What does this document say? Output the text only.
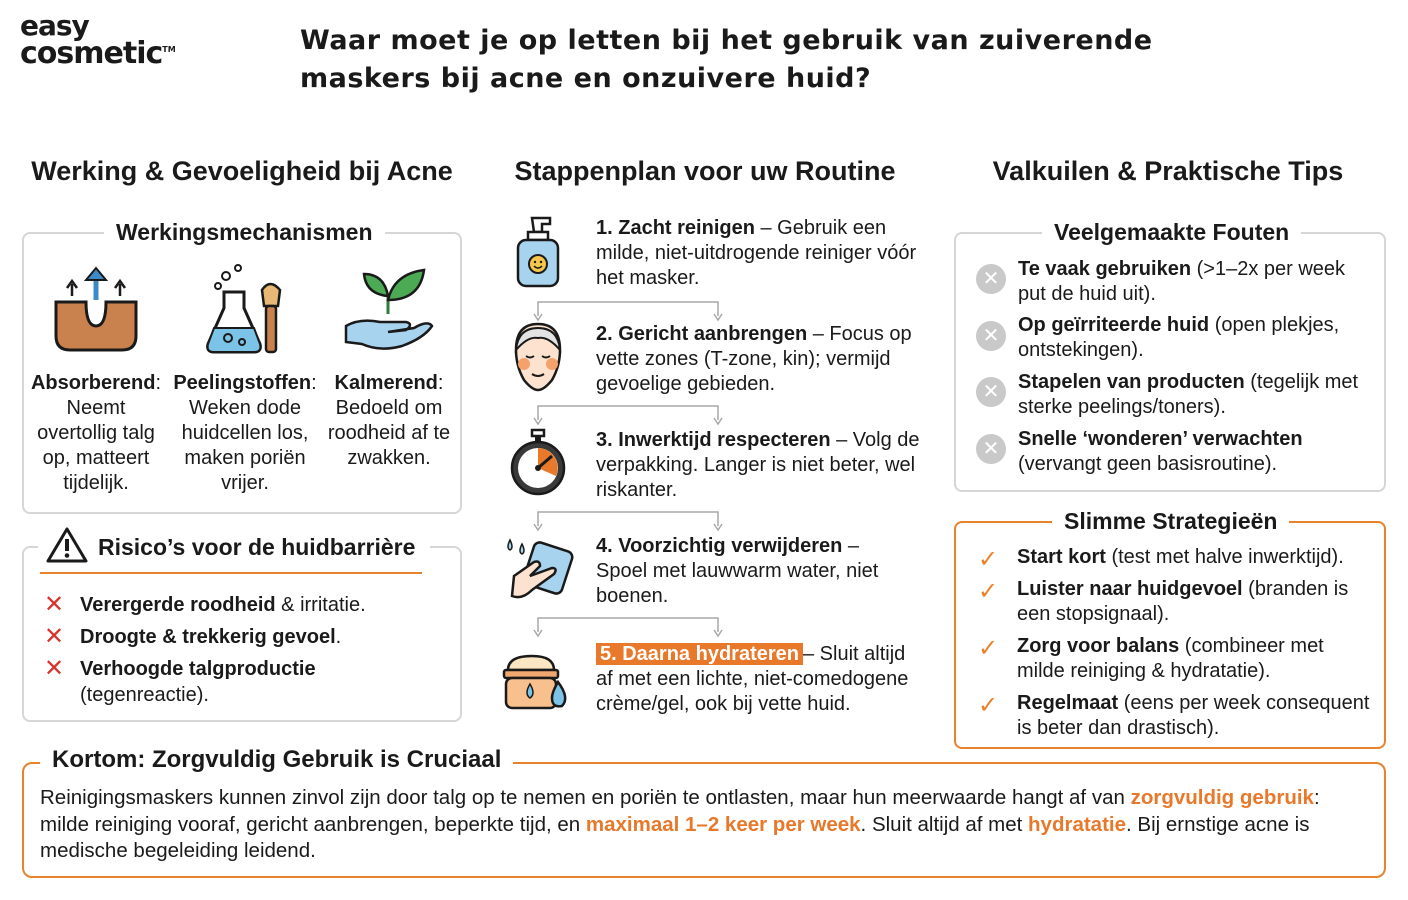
easy
cosmetic™	Waar moet je op letten bij het gebruik van zuiverende maskers bij acne en onzuivere huid?
Werking & Gevoeligheid bij Acne	Stappenplan voor uw Routine	Valkuilen & Praktische Tips
Werkingsmechanismen
Absorberend:
Neemt overtollig talg op, matteert tijdelijk.
Peelingstoffen:
Weken dode huidcellen los, maken poriën vrijer.
Kalmerend:
Bedoeld om roodheid af te zwakken.
Risico’s voor de huidbarrière
✕ Verergerde roodheid & irritatie.
✕ Droogte & trekkerig gevoel.
✕ Verhoogde talgproductie (tegenreactie).
1. Zacht reinigen – Gebruik een milde, niet-uitdrogende reiniger vóór het masker.
2. Gericht aanbrengen – Focus op vette zones (T-zone, kin); vermijd gevoelige gebieden.
3. Inwerktijd respecteren – Volg de verpakking. Langer is niet beter, wel riskanter.
4. Voorzichtig verwijderen – Spoel met lauwwarm water, niet boenen.
5. Daarna hydrateren – Sluit altijd af met een lichte, niet-comedogene crème/gel, ook bij vette huid.
Veelgemaakte Fouten
✕ Te vaak gebruiken (>1–2x per week put de huid uit).
✕ Op geïrriteerde huid (open plekjes, ontstekingen).
✕ Stapelen van producten (tegelijk met sterke peelings/toners).
✕ Snelle ‘wonderen’ verwachten (vervangt geen basisroutine).
Slimme Strategieën
✓ Start kort (test met halve inwerktijd).
✓ Luister naar huidgevoel (branden is een stopsignaal).
✓ Zorg voor balans (combineer met milde reiniging & hydratatie).
✓ Regelmaat (eens per week consequent is beter dan drastisch).
Kortom: Zorgvuldig Gebruik is Cruciaal
Reinigingsmaskers kunnen zinvol zijn door talg op te nemen en poriën te ontlasten, maar hun meerwaarde hangt af van zorgvuldig gebruik: milde reiniging vooraf, gericht aanbrengen, beperkte tijd, en maximaal 1–2 keer per week. Sluit altijd af met hydratatie. Bij ernstige acne is medische begeleiding leidend.
